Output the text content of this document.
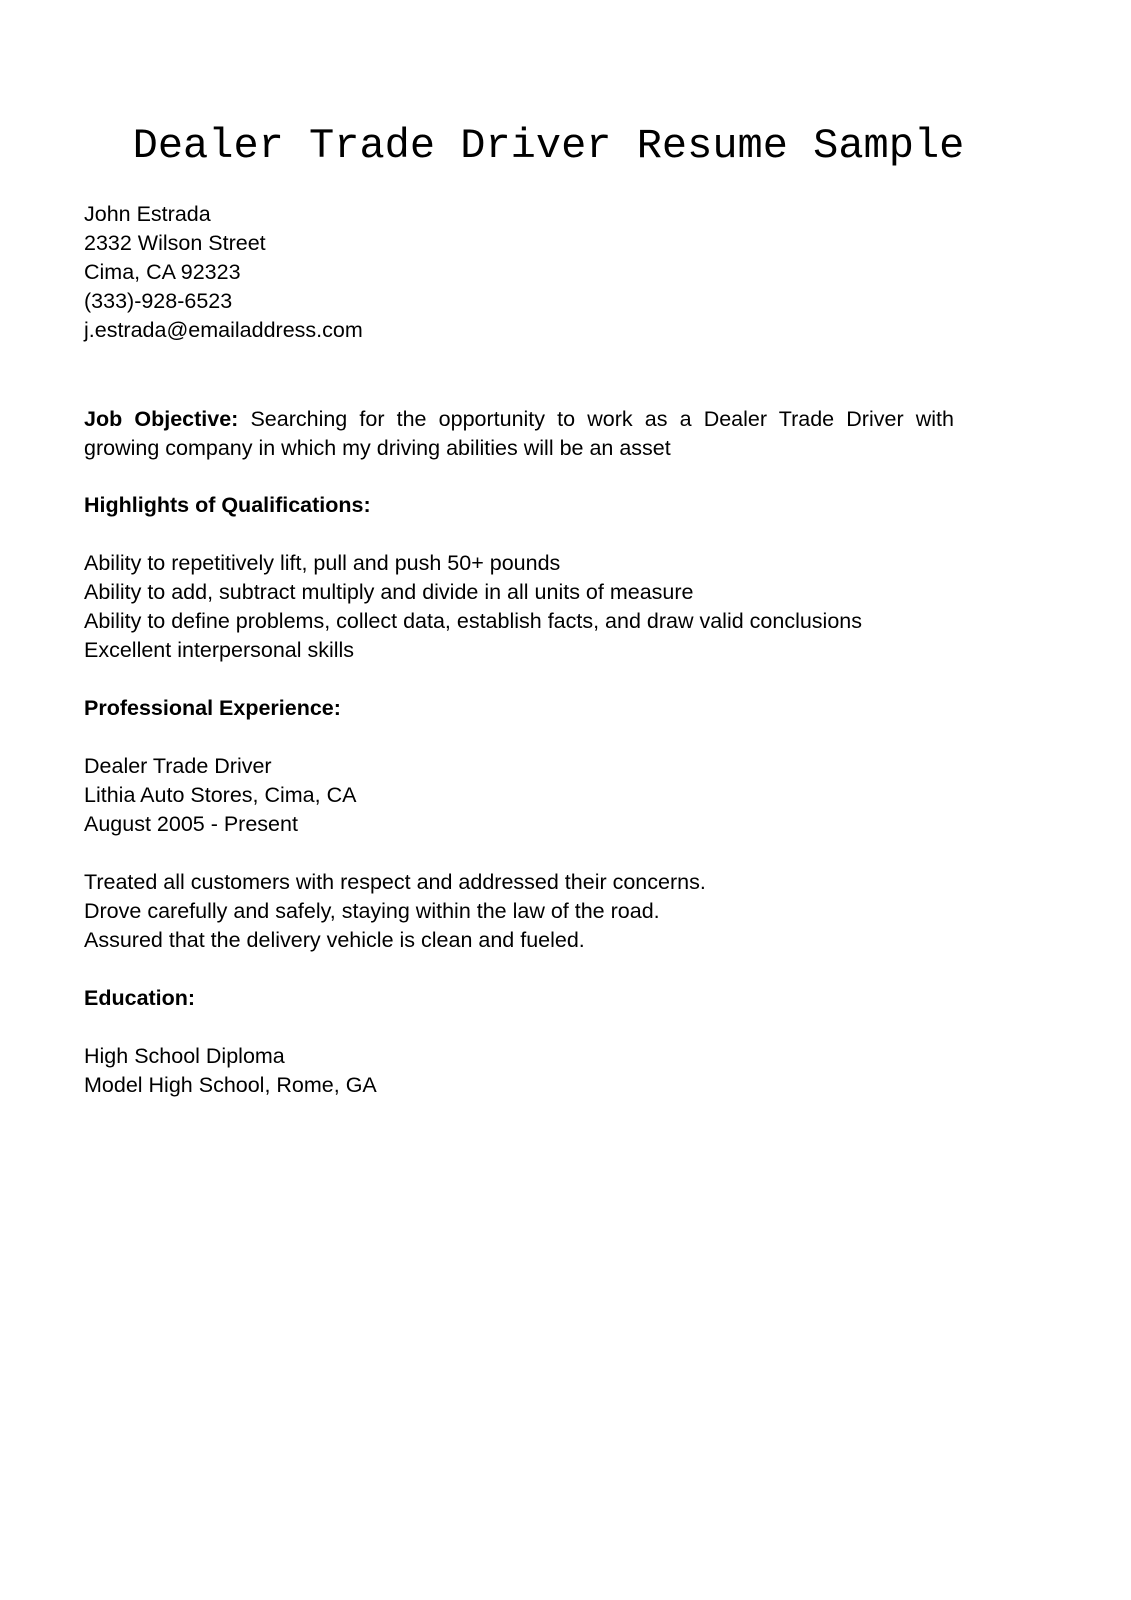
Dealer Trade Driver Resume Sample
John Estrada
2332 Wilson Street
Cima, CA 92323
(333)-928-6523
j.estrada@emailaddress.com
Job Objective: Searching for the opportunity to work as a Dealer Trade Driver with growing company in which my driving abilities will be an asset
Highlights of Qualifications:
Ability to repetitively lift, pull and push 50+ pounds
Ability to add, subtract multiply and divide in all units of measure
Ability to define problems, collect data, establish facts, and draw valid conclusions
Excellent interpersonal skills
Professional Experience:
Dealer Trade Driver
Lithia Auto Stores, Cima, CA
August 2005 - Present
Treated all customers with respect and addressed their concerns.
Drove carefully and safely, staying within the law of the road.
Assured that the delivery vehicle is clean and fueled.
Education:
High School Diploma
Model High School, Rome, GA
